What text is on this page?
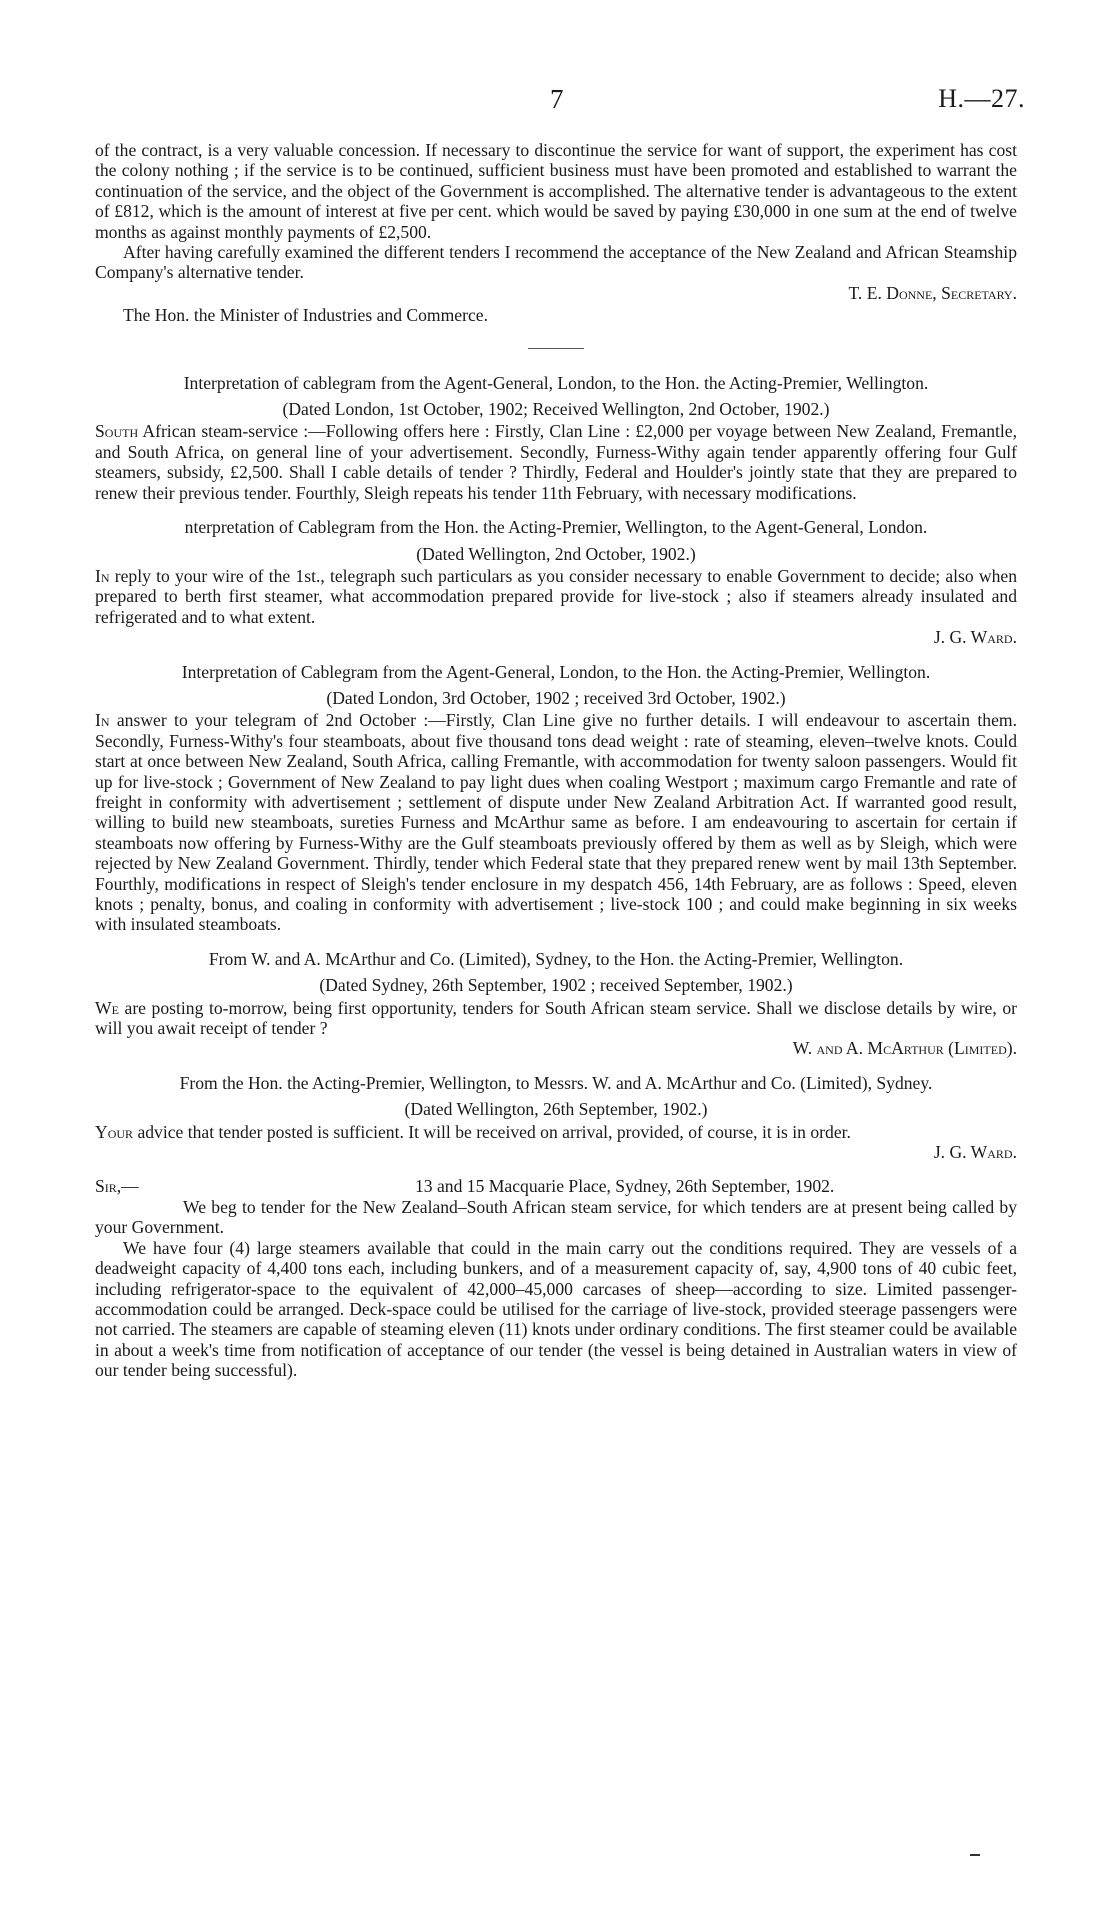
7	H.—27.

of the contract, is a very valuable concession. If necessary to discontinue the service for want of support, the experiment has cost the colony nothing ; if the service is to be continued, sufficient business must have been promoted and established to warrant the continuation of the service, and the object of the Government is accomplished. The alternative tender is advantageous to the extent of £812, which is the amount of interest at five per cent. which would be saved by paying £30,000 in one sum at the end of twelve months as against monthly payments of £2,500.

After having carefully examined the different tenders I recommend the acceptance of the New Zealand and African Steamship Company's alternative tender.

T. E. Donne, Secretary.

The Hon. the Minister of Industries and Commerce.

Interpretation of cablegram from the Agent-General, London, to the Hon. the Acting-Premier, Wellington.

(Dated London, 1st October, 1902; Received Wellington, 2nd October, 1902.)

South African steam-service :—Following offers here : Firstly, Clan Line : £2,000 per voyage between New Zealand, Fremantle, and South Africa, on general line of your advertisement. Secondly, Furness-Withy again tender apparently offering four Gulf steamers, subsidy, £2,500. Shall I cable details of tender ? Thirdly, Federal and Houlder's jointly state that they are prepared to renew their previous tender. Fourthly, Sleigh repeats his tender 11th February, with necessary modifications.

nterpretation of Cablegram from the Hon. the Acting-Premier, Wellington, to the Agent-General, London.

(Dated Wellington, 2nd October, 1902.)

In reply to your wire of the 1st., telegraph such particulars as you consider necessary to enable Government to decide; also when prepared to berth first steamer, what accommodation prepared provide for live-stock ; also if steamers already insulated and refrigerated and to what extent.

J. G. Ward.

Interpretation of Cablegram from the Agent-General, London, to the Hon. the Acting-Premier, Wellington.

(Dated London, 3rd October, 1902 ; received 3rd October, 1902.)

In answer to your telegram of 2nd October :—Firstly, Clan Line give no further details. I will endeavour to ascertain them. Secondly, Furness-Withy's four steamboats, about five thousand tons dead weight : rate of steaming, eleven–twelve knots. Could start at once between New Zealand, South Africa, calling Fremantle, with accommodation for twenty saloon passengers. Would fit up for live-stock ; Government of New Zealand to pay light dues when coaling Westport ; maximum cargo Fremantle and rate of freight in conformity with advertisement ; settlement of dispute under New Zealand Arbitration Act. If warranted good result, willing to build new steamboats, sureties Furness and McArthur same as before. I am endeavouring to ascertain for certain if steamboats now offering by Furness-Withy are the Gulf steamboats previously offered by them as well as by Sleigh, which were rejected by New Zealand Government. Thirdly, tender which Federal state that they prepared renew went by mail 13th September. Fourthly, modifications in respect of Sleigh's tender enclosure in my despatch 456, 14th February, are as follows : Speed, eleven knots ; penalty, bonus, and coaling in conformity with advertisement ; live-stock 100 ; and could make beginning in six weeks with insulated steamboats.

From W. and A. McArthur and Co. (Limited), Sydney, to the Hon. the Acting-Premier, Wellington.

(Dated Sydney, 26th September, 1902 ; received September, 1902.)

We are posting to-morrow, being first opportunity, tenders for South African steam service. Shall we disclose details by wire, or will you await receipt of tender ?

W. and A. McArthur (Limited).

From the Hon. the Acting-Premier, Wellington, to Messrs. W. and A. McArthur and Co. (Limited), Sydney.

(Dated Wellington, 26th September, 1902.)

Your advice that tender posted is sufficient. It will be received on arrival, provided, of course, it is in order.

J. G. Ward.

Sir,—	13 and 15 Macquarie Place, Sydney, 26th September, 1902.

We beg to tender for the New Zealand–South African steam service, for which tenders are at present being called by your Government.

We have four (4) large steamers available that could in the main carry out the conditions required. They are vessels of a deadweight capacity of 4,400 tons each, including bunkers, and of a measurement capacity of, say, 4,900 tons of 40 cubic feet, including refrigerator-space to the equivalent of 42,000–45,000 carcases of sheep—according to size. Limited passenger-accommodation could be arranged. Deck-space could be utilised for the carriage of live-stock, provided steerage passengers were not carried. The steamers are capable of steaming eleven (11) knots under ordinary conditions. The first steamer could be available in about a week's time from notification of acceptance of our tender (the vessel is being detained in Australian waters in view of our tender being successful).
